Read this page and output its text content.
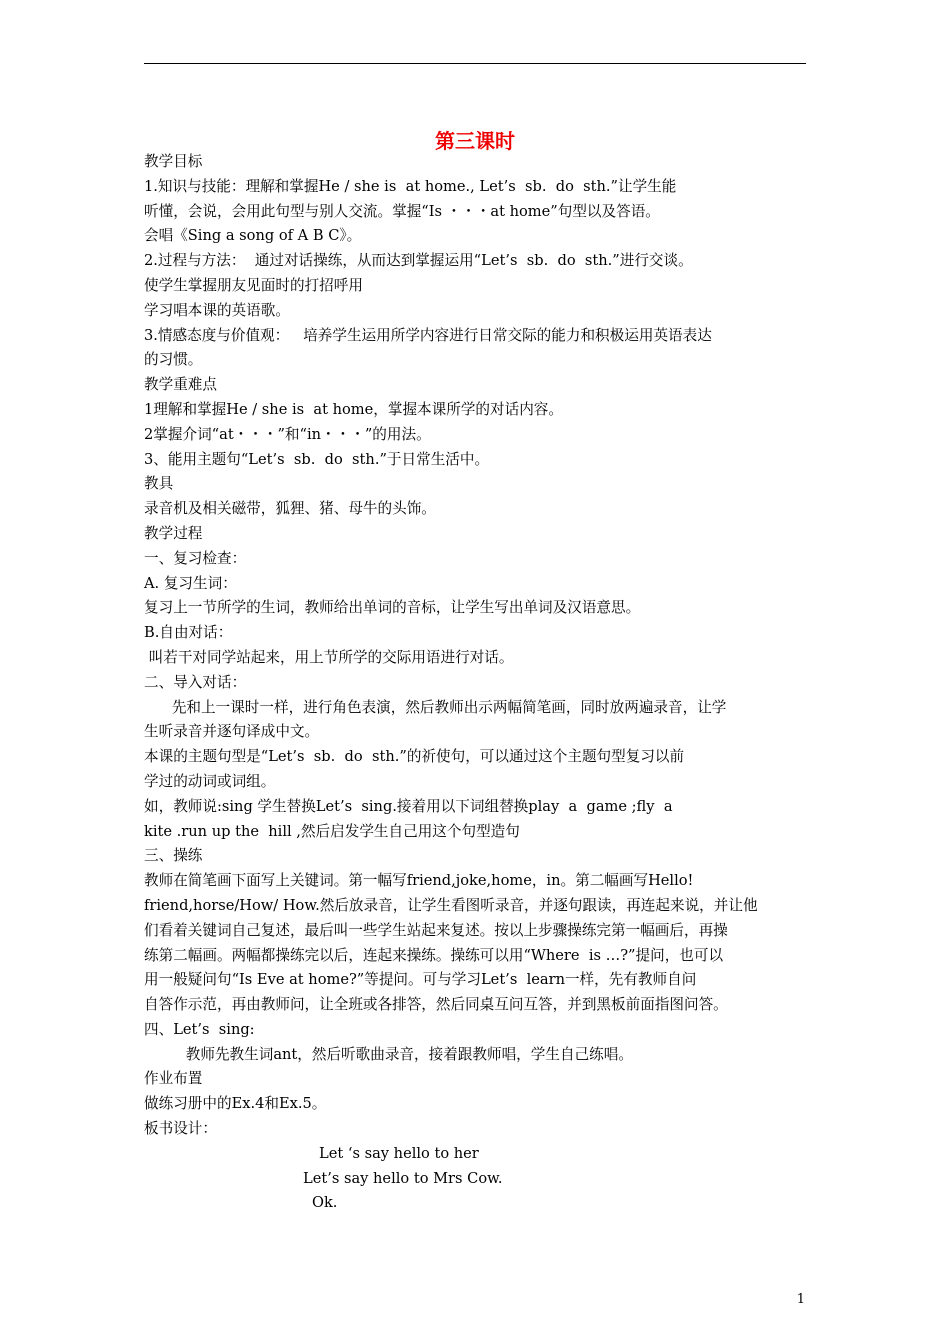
第三课时
教学目标
1.知识与技能：理解和掌握He / she is  at home., Let’s  sb.  do  sth.”让学生能
听懂，会说，会用此句型与别人交流。掌握“Is ・・・at home”句型以及答语。
会唱《Sing a song of A B C》。
2.过程与方法：  通过对话操练，从而达到掌握运用“Let’s  sb.  do  sth.”进行交谈。
使学生掌握朋友见面时的打招呼用
学习唱本课的英语歌。
3.情感态度与价值观：   培养学生运用所学内容进行日常交际的能力和积极运用英语表达
的习惯。
教学重难点
1理解和掌握He / she is  at home，掌握本课所学的对话内容。
2掌握介词“at・・・”和“in・・・”的用法。
3、能用主题句“Let’s  sb.  do  sth.”于日常生活中。
教具
录音机及相关磁带，狐狸、猪、母牛的头饰。
教学过程
一、复习检查：
A. 复习生词：
复习上一节所学的生词，教师给出单词的音标，让学生写出单词及汉语意思。
B.自由对话：
叫若干对同学站起来，用上节所学的交际用语进行对话。
二、导入对话：
先和上一课时一样，进行角色表演，然后教师出示两幅简笔画，同时放两遍录音，让学
生听录音并逐句译成中文。
本课的主题句型是“Let’s  sb.  do  sth.”的祈使句，可以通过这个主题句型复习以前
学过的动词或词组。
如，教师说:sing 学生替换Let’s  sing.接着用以下词组替换play  a  game ;fly  a
kite .run up the  hill ,然后启发学生自己用这个句型造句
三、操练
教师在简笔画下面写上关键词。第一幅写friend,joke,home，in。第二幅画写Hello!
friend,horse/How/ How.然后放录音，让学生看图听录音，并逐句跟读，再连起来说，并让他
们看着关键词自己复述，最后叫一些学生站起来复述。按以上步骤操练完第一幅画后，再操
练第二幅画。两幅都操练完以后，连起来操练。操练可以用“Where  is …?”提问，也可以
用一般疑问句“Is Eve at home?”等提问。可与学习Let’s  learn一样，先有教师自问
自答作示范，再由教师问，让全班或各排答，然后同桌互问互答，并到黑板前面指图问答。
四、Let’s  sing:
教师先教生词ant，然后听歌曲录音，接着跟教师唱，学生自己练唱。
作业布置
做练习册中的Ex.4和Ex.5。
板书设计：
Let ‘s say hello to her
Let’s say hello to Mrs Cow.
Ok.
1
